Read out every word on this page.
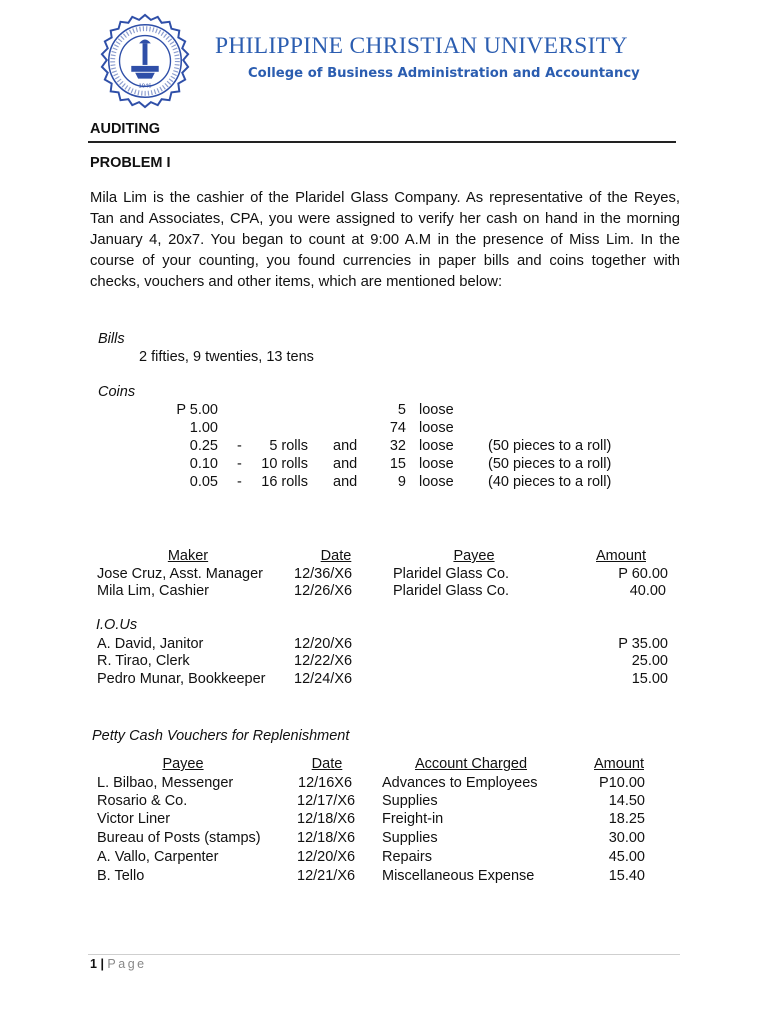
1946
PHILIPPINE CHRISTIAN UNIVERSITY
College of Business Administration and Accountancy
AUDITING
PROBLEM I
Mila Lim is the cashier of the Plaridel Glass Company. As representative of the Reyes, Tan and Associates, CPA, you were assigned to verify her cash on hand in the morning January 4, 20x7. You began to count at 9:00 A.M in the presence of Miss Lim. In the course of your counting, you found currencies in paper bills and coins together with checks, vouchers and other items, which are mentioned below:
Bills
2 fifties, 9 twenties, 13 tens
Coins
P 5.00	5 loose
1.00	74 loose
0.25 -	5 rolls and	32 loose (50 pieces to a roll)
0.10 -	10 rolls and	15 loose (50 pieces to a roll)
0.05 -	16 rolls and	9 loose (40 pieces to a roll)
Maker	Date	Payee	Amount
Jose Cruz, Asst. Manager 12/36/X6	Plaridel Glass Co.	P 60.00
Mila Lim, Cashier	12/26/X6	Plaridel Glass Co.	40.00
I.O.Us
A. David, Janitor	12/20/X6	P 35.00
R. Tirao, Clerk	12/22/X6	25.00
Pedro Munar, Bookkeeper 12/24/X6	15.00
Petty Cash Vouchers for Replenishment
Payee	Date	Account Charged	Amount
L. Bilbao, Messenger	12/16X6 Advances to Employees	P10.00
Rosario & Co.	12/17/X6 Supplies	14.50
Victor Liner	12/18/X6 Freight-in	18.25
Bureau of Posts (stamps)	12/18/X6 Supplies	30.00
A. Vallo, Carpenter	12/20/X6 Repairs	45.00
B. Tello	12/21/X6 Miscellaneous Expense	15.40
1 | Page
